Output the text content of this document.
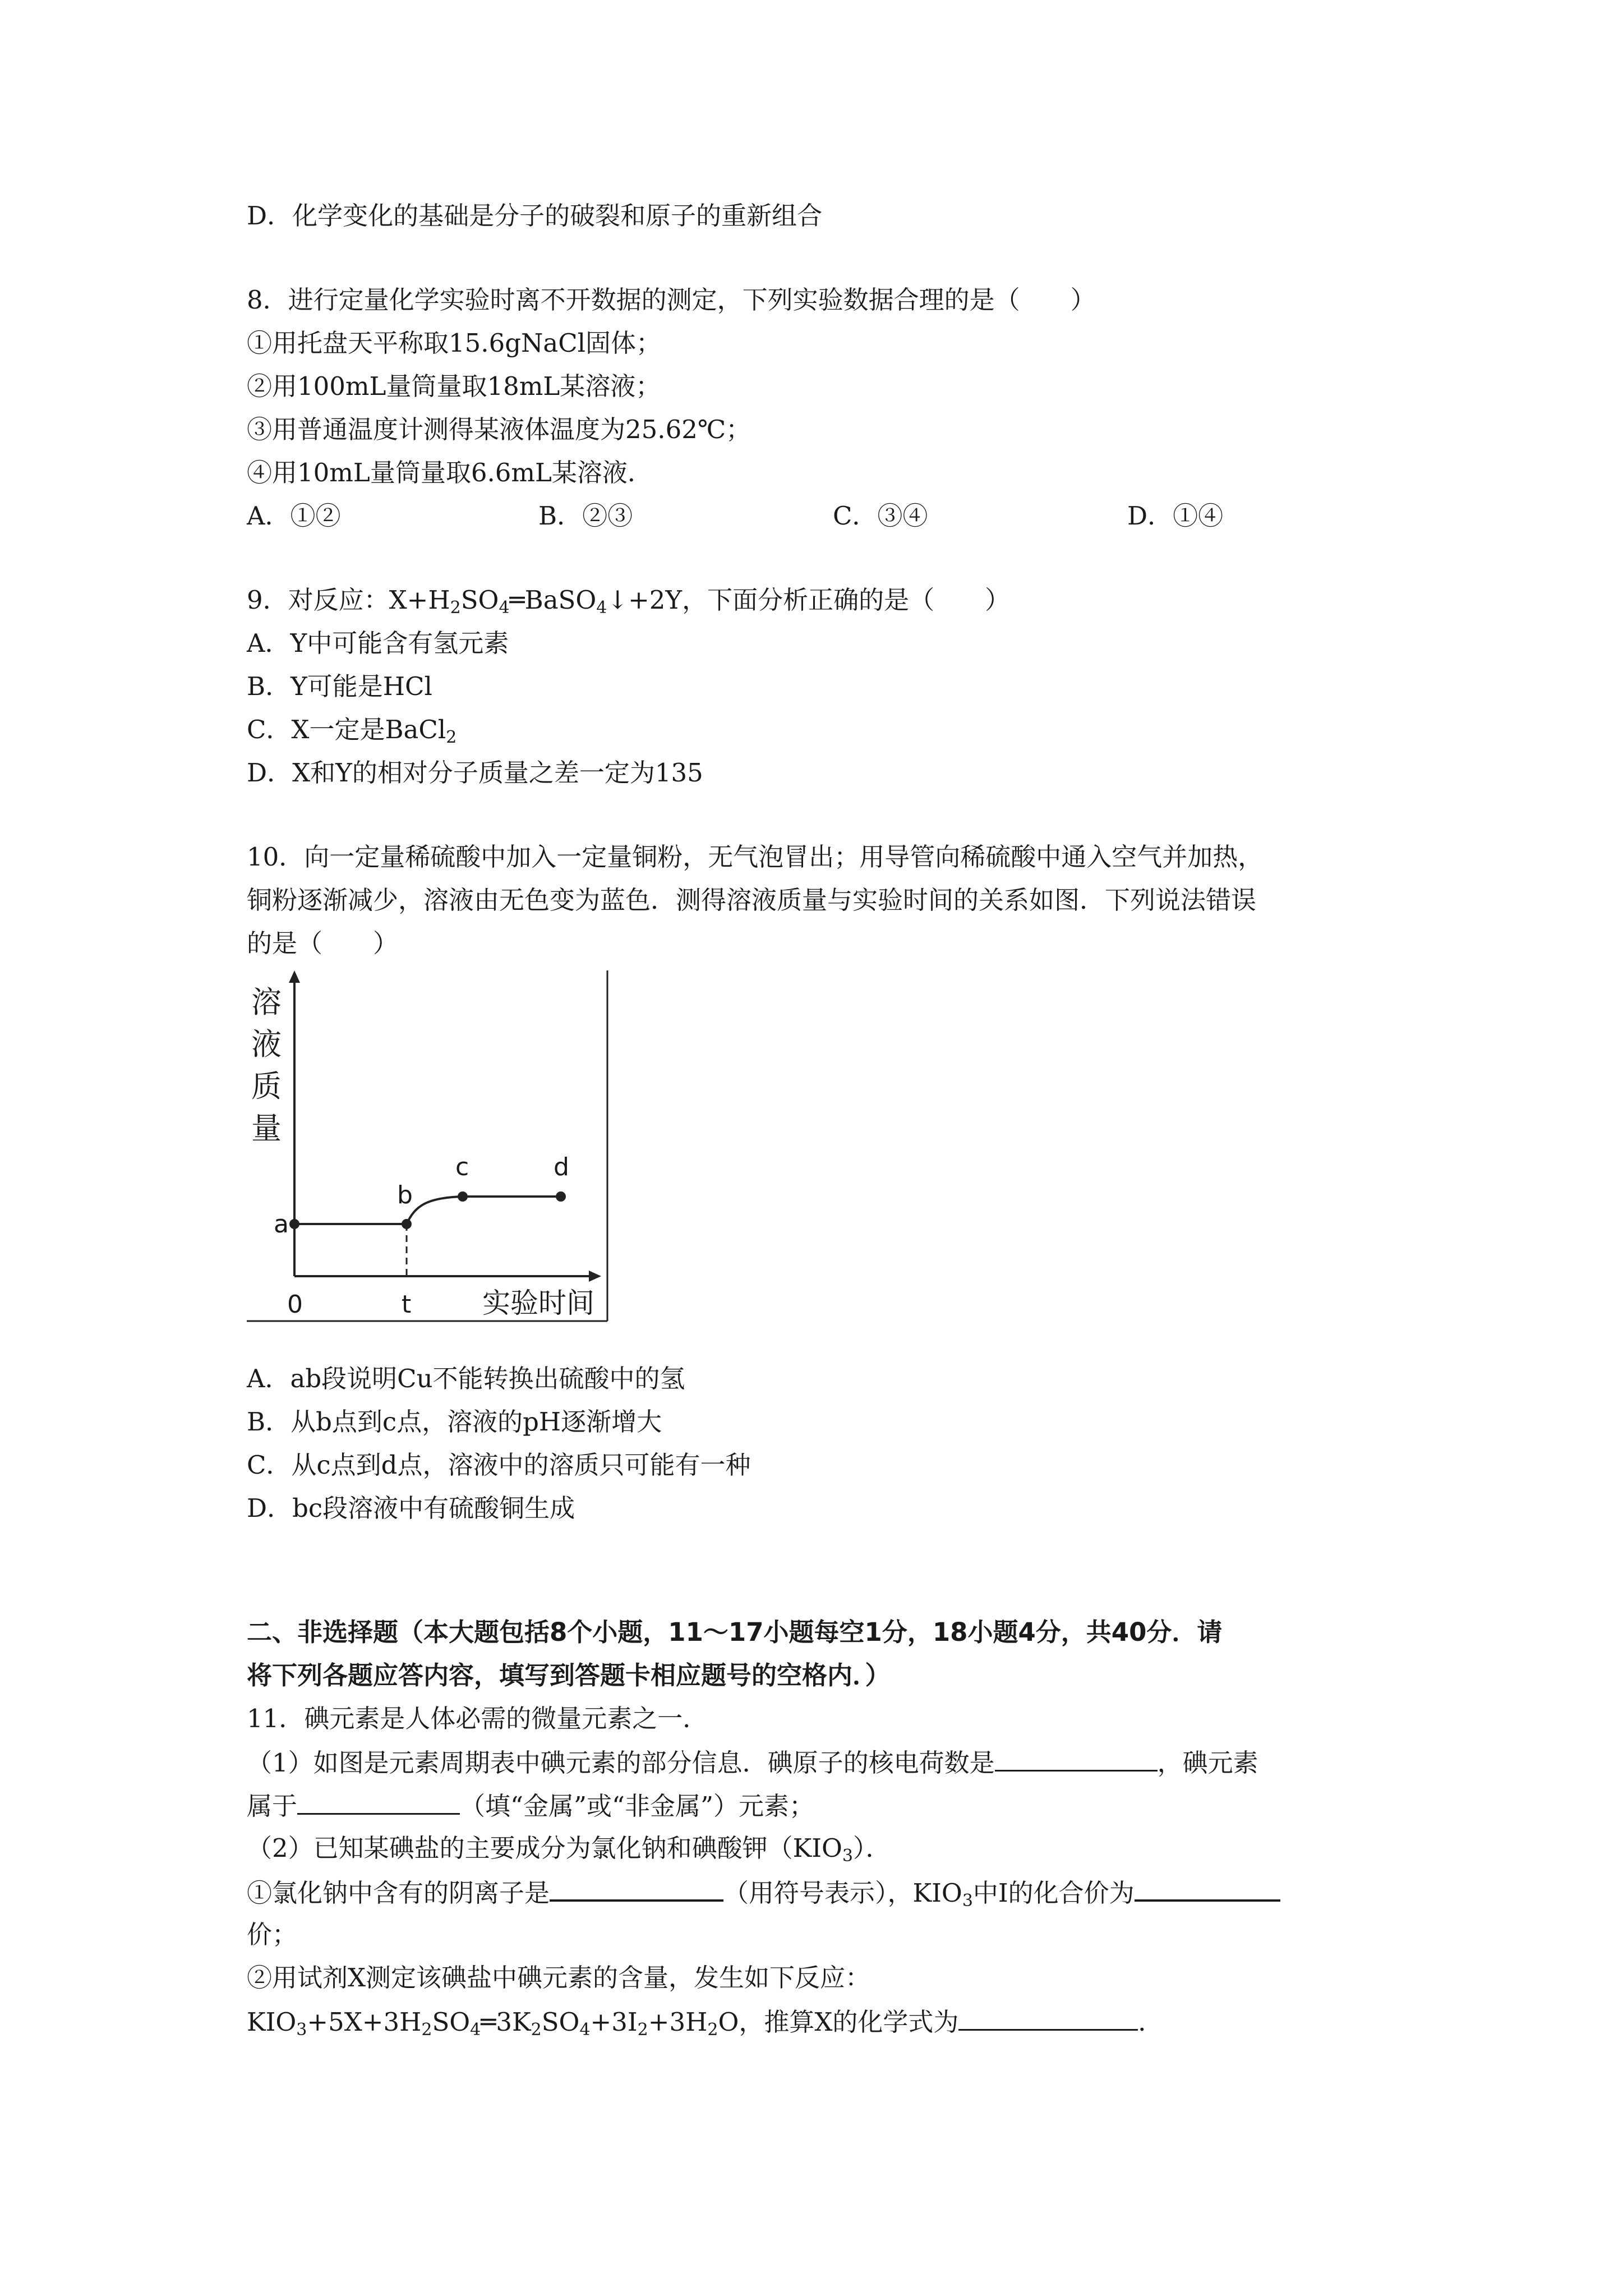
D．化学变化的基础是分子的破裂和原子的重新组合
8．进行定量化学实验时离不开数据的测定，下列实验数据合理的是（　　）
①用托盘天平称取15.6gNaCl固体；
②用100mL量筒量取18mL某溶液；
③用普通温度计测得某液体温度为25.62℃；
④用10mL量筒量取6.6mL某溶液．
A．①②	B．②③	C．③④	D．①④
9．对反应：$X+H_2SO_4═BaSO_4↓+2Y$，下面分析正确的是（　　）
A．Y中可能含有氢元素
B．Y可能是HCl
C．X一定是BaCl$_2$
D．X和Y的相对分子质量之差一定为135
10．向一定量稀硫酸中加入一定量铜粉，无气泡冒出；用导管向稀硫酸中通入空气并加热，
铜粉逐渐减少，溶液由无色变为蓝色．测得溶液质量与实验时间的关系如图．下列说法错误
的是（　　）
溶
液
质
量
a
b
c	d
0	t	实验时间
A．ab段说明Cu不能转换出硫酸中的氢
B．从b点到c点，溶液的pH逐渐增大
C．从c点到d点，溶液中的溶质只可能有一种
D．bc段溶液中有硫酸铜生成
二、非选择题（本大题包括8个小题，11～17小题每空1分，18小题4分，共40分．请
将下列各题应答内容，填写到答题卡相应题号的空格内．）
11．碘元素是人体必需的微量元素之一．
（1）如图是元素周期表中碘元素的部分信息．碘原子的核电荷数是	，碘元素
属于	（填“金属”或“非金属”）元素；
（2）已知某碘盐的主要成分为氯化钠和碘酸钾$(KIO_3)$．
①氯化钠中含有的阴离子是	（用符号表示），$KIO_3$中I的化合价为
价；
②用试剂X测定该碘盐中碘元素的含量，发生如下反应：
$KIO_3+5X+3H_2SO_4═3K_2SO_4+3I_2+3H_2O$，推算X的化学式为	．
